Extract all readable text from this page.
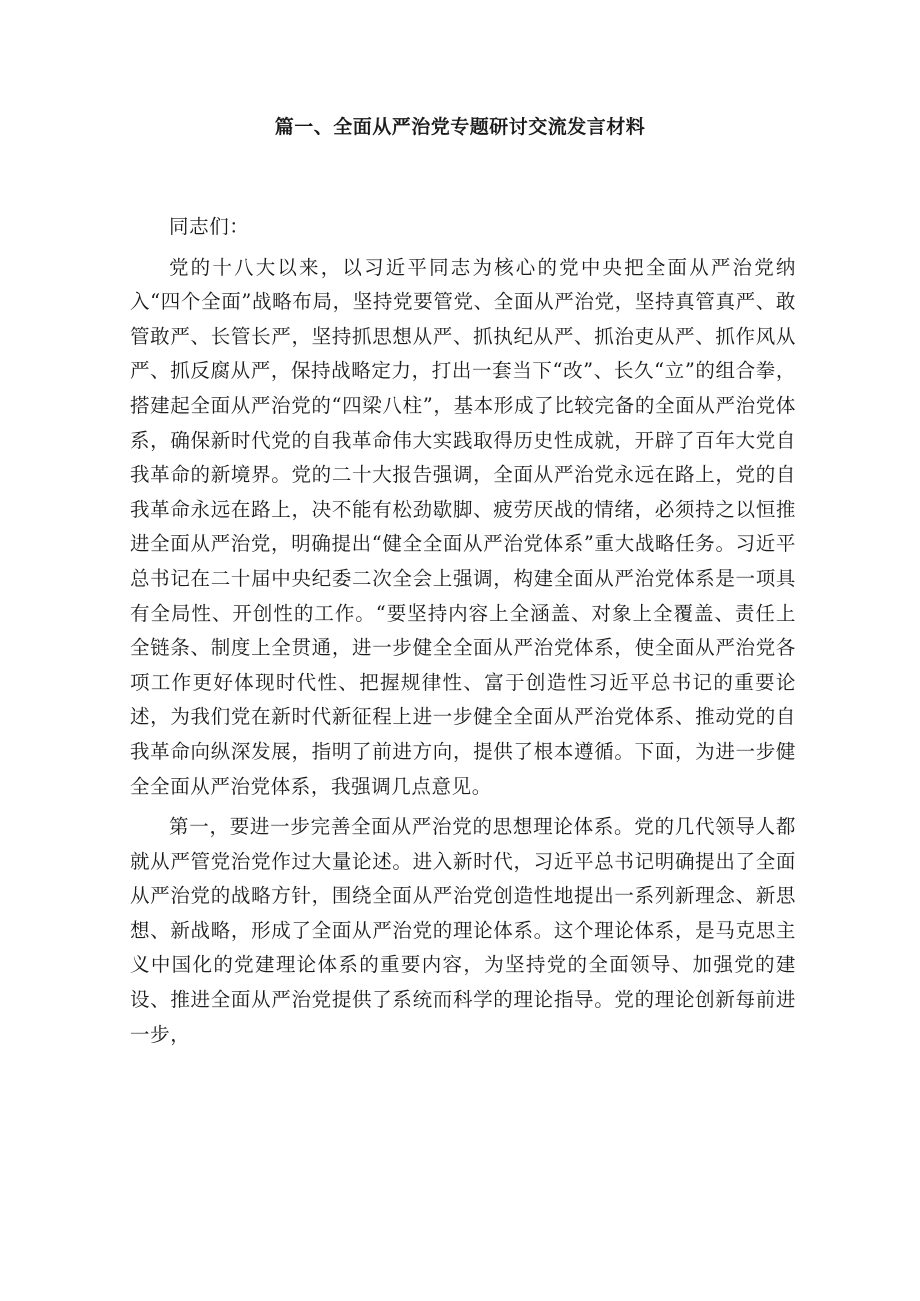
篇一、全面从严治党专题研讨交流发言材料

同志们：

党的十八大以来，以习近平同志为核心的党中央把全面从严治党纳入“四个全面”战略布局，坚持党要管党、全面从严治党，坚持真管真严、敢管敢严、长管长严，坚持抓思想从严、抓执纪从严、抓治吏从严、抓作风从严、抓反腐从严，保持战略定力，打出一套当下“改”、长久“立”的组合拳，搭建起全面从严治党的“四梁八柱”，基本形成了比较完备的全面从严治党体系，确保新时代党的自我革命伟大实践取得历史性成就，开辟了百年大党自我革命的新境界。党的二十大报告强调，全面从严治党永远在路上，党的自我革命永远在路上，决不能有松劲歇脚、疲劳厌战的情绪，必须持之以恒推进全面从严治党，明确提出“健全全面从严治党体系”重大战略任务。习近平总书记在二十届中央纪委二次全会上强调，构建全面从严治党体系是一项具有全局性、开创性的工作。“要坚持内容上全涵盖、对象上全覆盖、责任上全链条、制度上全贯通，进一步健全全面从严治党体系，使全面从严治党各项工作更好体现时代性、把握规律性、富于创造性习近平总书记的重要论述，为我们党在新时代新征程上进一步健全全面从严治党体系、推动党的自我革命向纵深发展，指明了前进方向，提供了根本遵循。下面，为进一步健全全面从严治党体系，我强调几点意见。

第一，要进一步完善全面从严治党的思想理论体系。党的几代领导人都就从严管党治党作过大量论述。进入新时代，习近平总书记明确提出了全面从严治党的战略方针，围绕全面从严治党创造性地提出一系列新理念、新思想、新战略，形成了全面从严治党的理论体系。这个理论体系，是马克思主义中国化的党建理论体系的重要内容，为坚持党的全面领导、加强党的建设、推进全面从严治党提供了系统而科学的理论指导。党的理论创新每前进一步，
